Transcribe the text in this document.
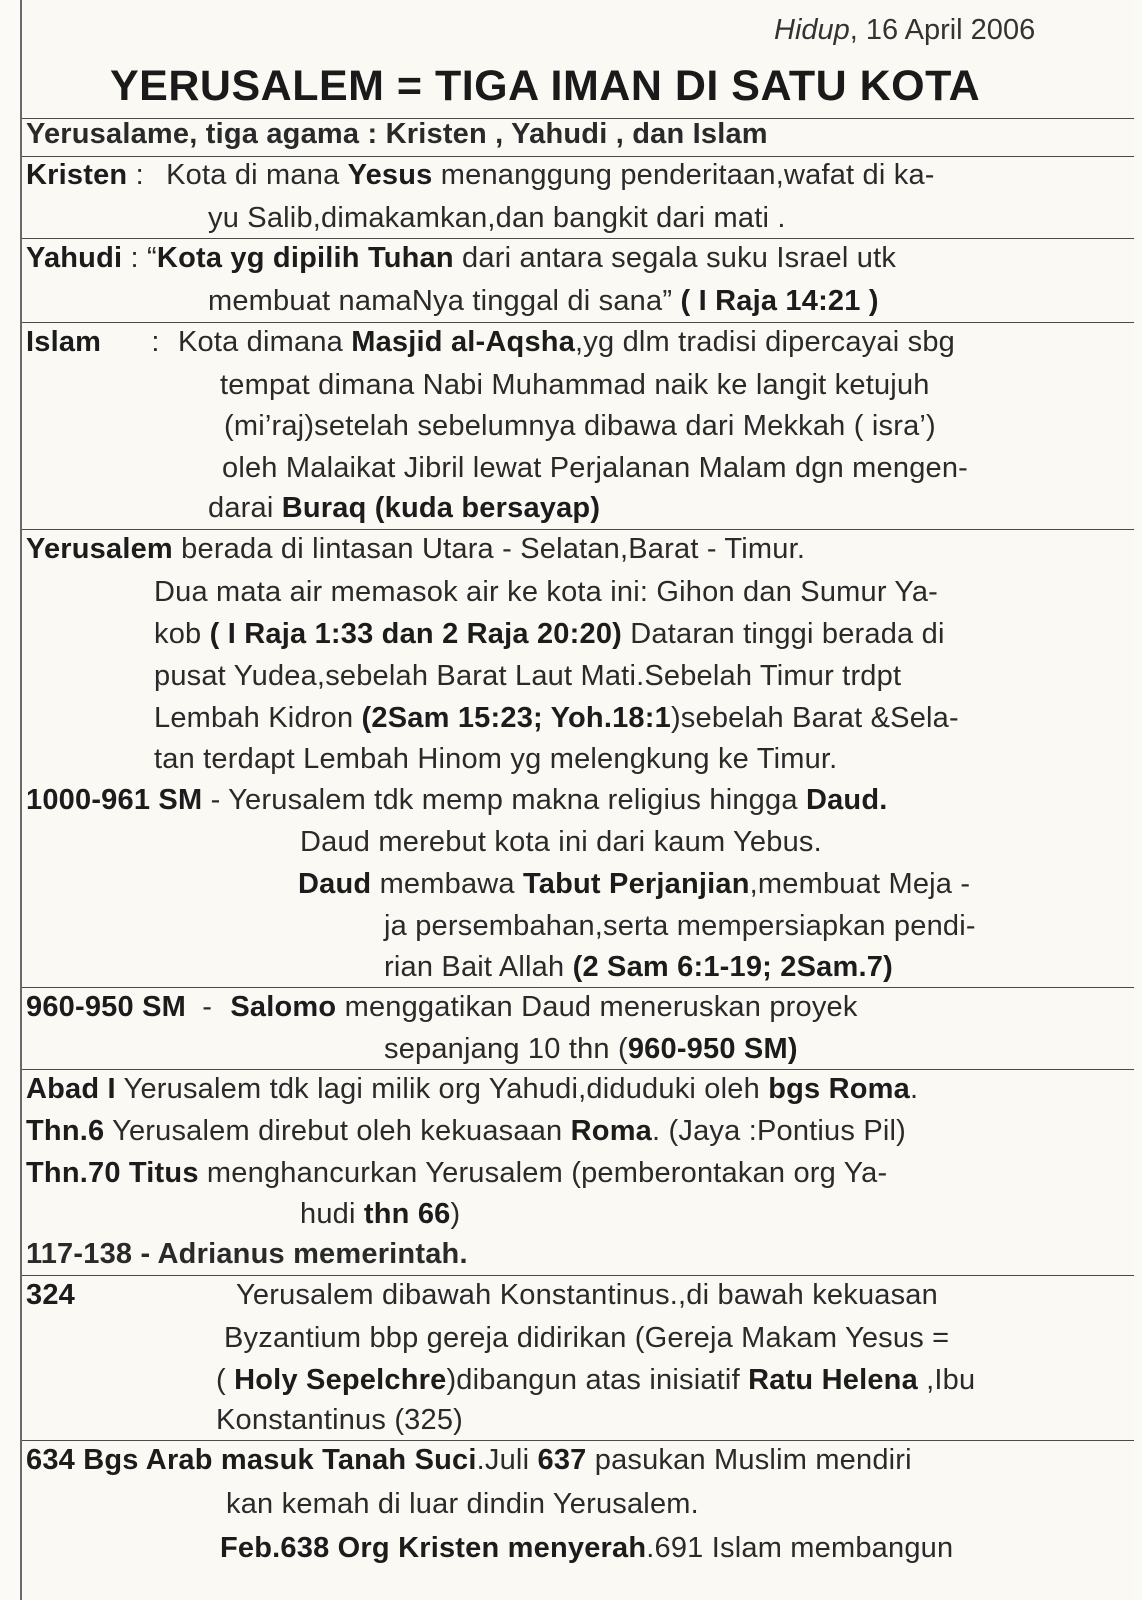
Hidup, 16 April 2006
YERUSALEM = TIGA IMAN DI SATU KOTA
Yerusalame, tiga agama : Kristen , Yahudi , dan Islam
Kristen : Kota di mana Yesus menanggung penderitaan,wafat di ka-
yu Salib,dimakamkan,dan bangkit dari mati .
Yahudi : “Kota yg dipilih Tuhan dari antara segala suku Israel utk
membuat namaNya tinggal di sana” ( I Raja 14:21 )
Islam : Kota dimana Masjid al-Aqsha,yg dlm tradisi dipercayai sbg
tempat dimana Nabi Muhammad naik ke langit ketujuh
(mi’raj)setelah sebelumnya dibawa dari Mekkah ( isra’)
oleh Malaikat Jibril lewat Perjalanan Malam dgn mengen-
darai Buraq (kuda bersayap)
Yerusalem berada di lintasan Utara - Selatan,Barat - Timur.
Dua mata air memasok air ke kota ini: Gihon dan Sumur Ya-
kob ( I Raja 1:33 dan 2 Raja 20:20) Dataran tinggi berada di
pusat Yudea,sebelah Barat Laut Mati.Sebelah Timur trdpt
Lembah Kidron (2Sam 15:23; Yoh.18:1)sebelah Barat &Sela-
tan terdapt Lembah Hinom yg melengkung ke Timur.
1000-961 SM - Yerusalem tdk memp makna religius hingga Daud.
Daud merebut kota ini dari kaum Yebus.
Daud membawa Tabut Perjanjian,membuat Meja -
ja persembahan,serta mempersiapkan pendi-
rian Bait Allah (2 Sam 6:1-19; 2Sam.7)
960-950 SM - Salomo menggatikan Daud meneruskan proyek
sepanjang 10 thn (960-950 SM)
Abad I Yerusalem tdk lagi milik org Yahudi,diduduki oleh bgs Roma.
Thn.6 Yerusalem direbut oleh kekuasaan Roma. (Jaya :Pontius Pil)
Thn.70 Titus menghancurkan Yerusalem (pemberontakan org Ya-
hudi thn 66)
117-138 - Adrianus memerintah.
324	Yerusalem dibawah Konstantinus.,di bawah kekuasan
Byzantium bbp gereja didirikan (Gereja Makam Yesus =
( Holy Sepelchre)dibangun atas inisiatif Ratu Helena ,Ibu
Konstantinus (325)
634 Bgs Arab masuk Tanah Suci.Juli 637 pasukan Muslim mendiri
kan kemah di luar dindin Yerusalem.
Feb.638 Org Kristen menyerah.691 Islam membangun
